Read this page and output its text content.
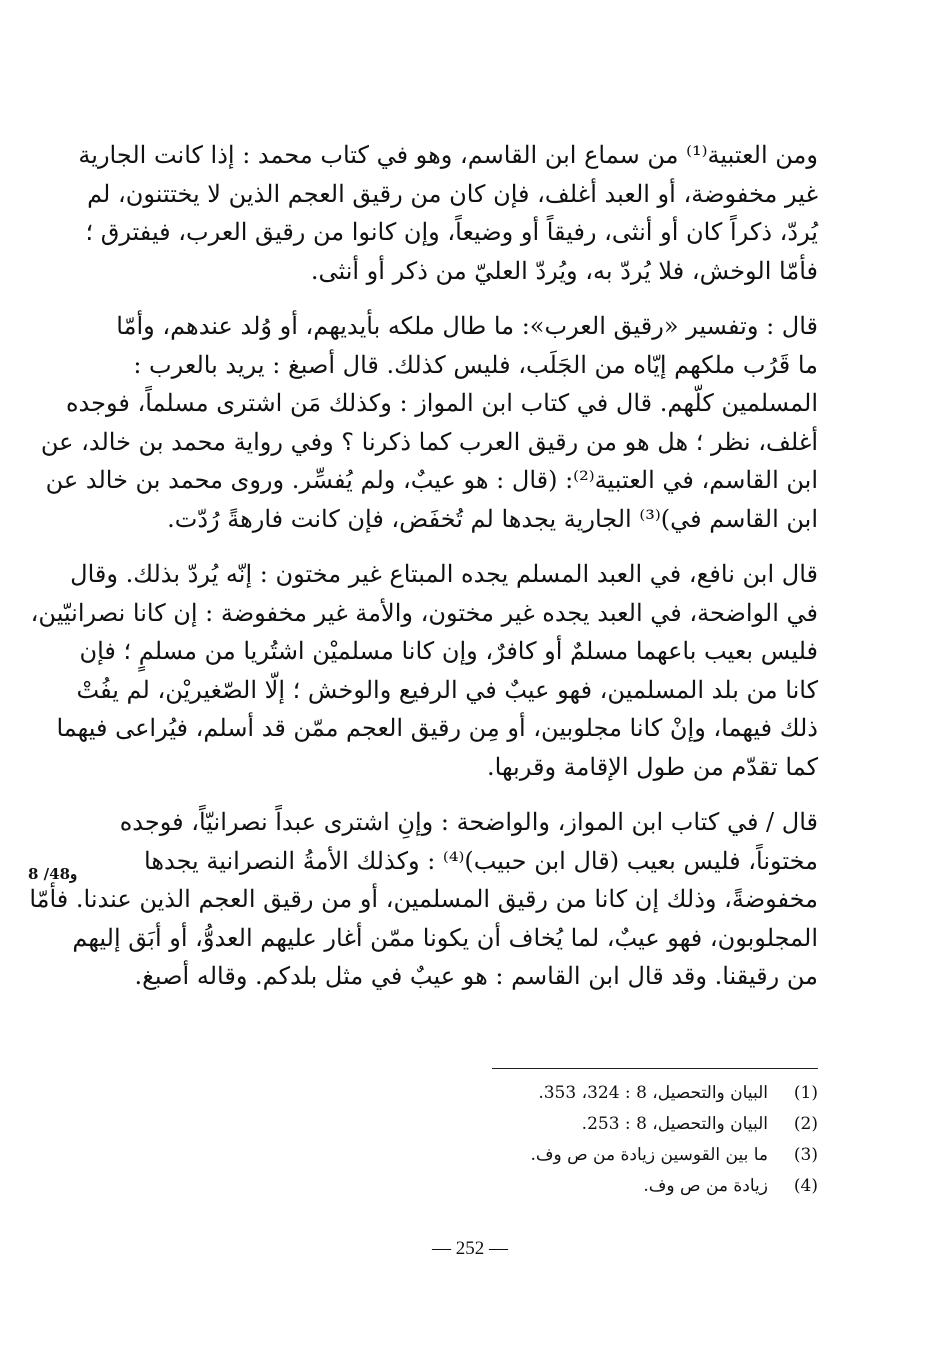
ومن العتبية⁽¹⁾ من سماع ابن القاسم، وهو في كتاب محمد : إذا كانت الجارية
غير مخفوضة، أو العبد أغلف، فإن كان من رقيق العجم الذين لا يختتنون، لم
يُردّ، ذكراً كان أو أنثى، رفيقاً أو وضيعاً، وإن كانوا من رقيق العرب، فيفترق ؛
فأمّا الوخش، فلا يُردّ به، ويُردّ العليّ من ذكر أو أنثى.

قال : وتفسير «رقيق العرب»: ما طال ملكه بأيديهم، أو وُلد عندهم، وأمّا
ما قَرُب ملكهم إيّاه من الجَلَب، فليس كذلك. قال أصبغ : يريد بالعرب :
المسلمين كلّهم. قال في كتاب ابن المواز : وكذلك مَن اشترى مسلماً، فوجده
أغلف، نظر ؛ هل هو من رقيق العرب كما ذكرنا ؟ وفي رواية محمد بن خالد، عن
ابن القاسم، في العتبية⁽²⁾: (قال : هو عيبٌ، ولم يُفسِّر. وروى محمد بن خالد عن
ابن القاسم في)⁽³⁾ الجارية يجدها لم تُخفَض، فإن كانت فارهةً رُدّت.

قال ابن نافع، في العبد المسلم يجده المبتاع غير مختون : إنّه يُردّ بذلك. وقال
في الواضحة، في العبد يجده غير مختون، والأمة غير مخفوضة : إن كانا نصرانيّين،
فليس بعيب باعهما مسلمٌ أو كافرٌ، وإن كانا مسلميْن اشتُريا من مسلمٍ ؛ فإن
كانا من بلد المسلمين، فهو عيبٌ في الرفيع والوخش ؛ إلّا الصّغيريْن، لم يفُتْ
ذلك فيهما، وإنْ كانا مجلوبين، أو مِن رقيق العجم ممّن قد أسلم، فيُراعى فيهما
كما تقدّم من طول الإقامة وقربها.

قال / في كتاب ابن المواز، والواضحة : وإنِ اشترى عبداً نصرانيّاً، فوجده
مختوناً، فليس بعيب (قال ابن حبيب)⁽⁴⁾ : وكذلك الأمةُ النصرانية يجدها
مخفوضةً، وذلك إن كانا من رقيق المسلمين، أو من رقيق العجم الذين عندنا. فأمّا
المجلوبون، فهو عيبٌ، لما يُخاف أن يكونا ممّن أغار عليهم العدوُّ، أو أبَق إليهم
من رقيقنا. وقد قال ابن القاسم : هو عيبٌ في مثل بلدكم. وقاله أصبغ.

8 /48و
(1)
البيان والتحصيل، 8 : 324، 353.
(2)
البيان والتحصيل، 8 : 253.
(3)
ما بين القوسين زيادة من ص وف.
(4)
زيادة من ص وف.
— 252 —
